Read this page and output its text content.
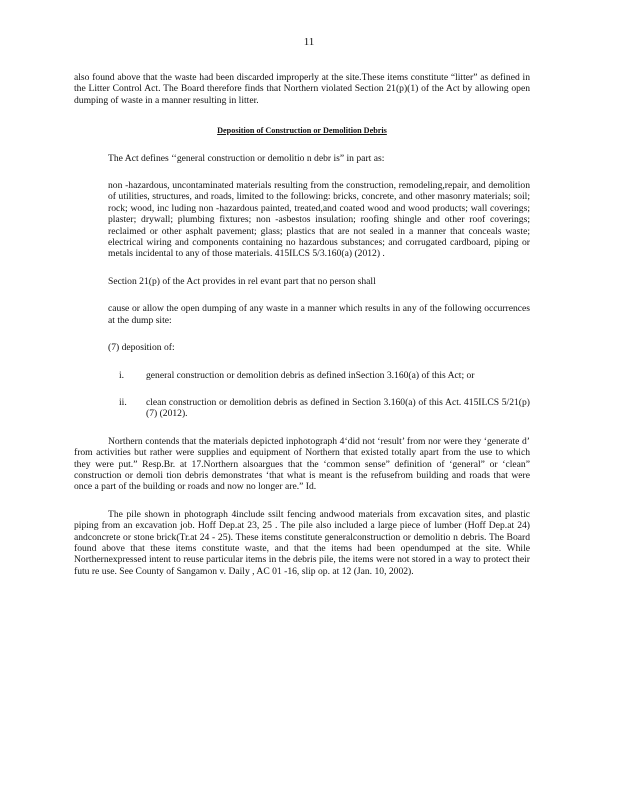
11

also found above that the waste had been discarded improperly at the site.These items constitute “litter” as defined in the Litter Control Act. The Board therefore finds that Northern violated Section 21(p)(1) of the Act by allowing open dumping of waste in a manner resulting in litter.

Deposition of Construction or Demolition Debris

The Act defines ‘‘general construction or demolitio n debr is” in part as:

non -hazardous, uncontaminated materials resulting from the construction, remodeling,repair, and demolition of utilities, structures, and roads, limited to the following: bricks, concrete, and other masonry materials; soil; rock; wood, inc luding non -hazardous painted, treated,and coated wood and wood products; wall coverings; plaster; drywall; plumbing fixtures; non -asbestos insulation; roofing shingle and other roof coverings; reclaimed or other asphalt pavement; glass; plastics that are not sealed in a manner that conceals waste; electrical wiring and components containing no hazardous substances; and corrugated cardboard, piping or metals incidental to any of those materials. 415ILCS 5/3.160(a) (2012) .

Section 21(p) of the Act provides in rel evant part that no person shall

cause or allow the open dumping of any waste in a manner which results in any of the following occurrences at the dump site:

(7) deposition of:

i.	general construction or demolition debris as defined inSection 3.160(a) of this Act; or
ii.	clean construction or demolition debris as defined in Section 3.160(a) of this Act. 415ILCS 5/21(p)(7) (2012).

Northern contends that the materials depicted inphotograph 4‘did not ‘result’ from nor were they ‘generate d’ from activities but rather were supplies and equipment of Northern that existed totally apart from the use to which they were put.” Resp.Br. at 17.Northern alsoargues that the ‘common sense” definition of ‘general” or ‘clean” construction or demoli tion debris demonstrates ‘that what is meant is the refusefrom building and roads that were once a part of the building or roads and now no longer are.” Id.

The pile shown in photograph 4include ssilt fencing andwood materials from excavation sites, and plastic piping from an excavation job. Hoff Dep.at 23, 25 . The pile also included a large piece of lumber (Hoff Dep.at 24) andconcrete or stone brick(Tr.at 24 - 25). These items constitute generalconstruction or demolitio n debris. The Board found above that these items constitute waste, and that the items had been opendumped at the site. While Northernexpressed intent to reuse particular items in the debris pile, the items were not stored in a way to protect their futu re use. See County of Sangamon v. Daily , AC 01 -16, slip op. at 12 (Jan. 10, 2002).
